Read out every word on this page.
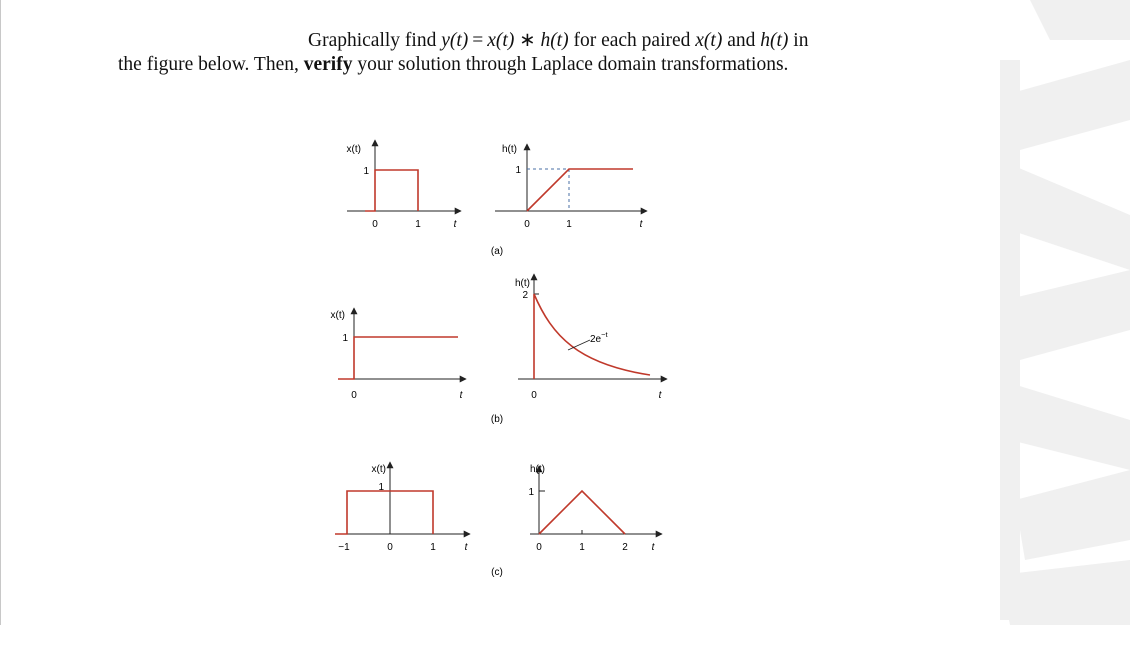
Graphically find y(t) = x(t) ∗ h(t) for each paired x(t) and h(t) in
the figure below. Then, verify your solution through Laplace domain transformations.
x(t)
1
0	1	t
h(t)
1
0	1	t
(a)
x(t)
1
0	t
h(t)
2
$2e^{-t}$
0	t
(b)
x(t)
1
−1	0	1	t
h(t)
1
0	1	2 t
(c)
